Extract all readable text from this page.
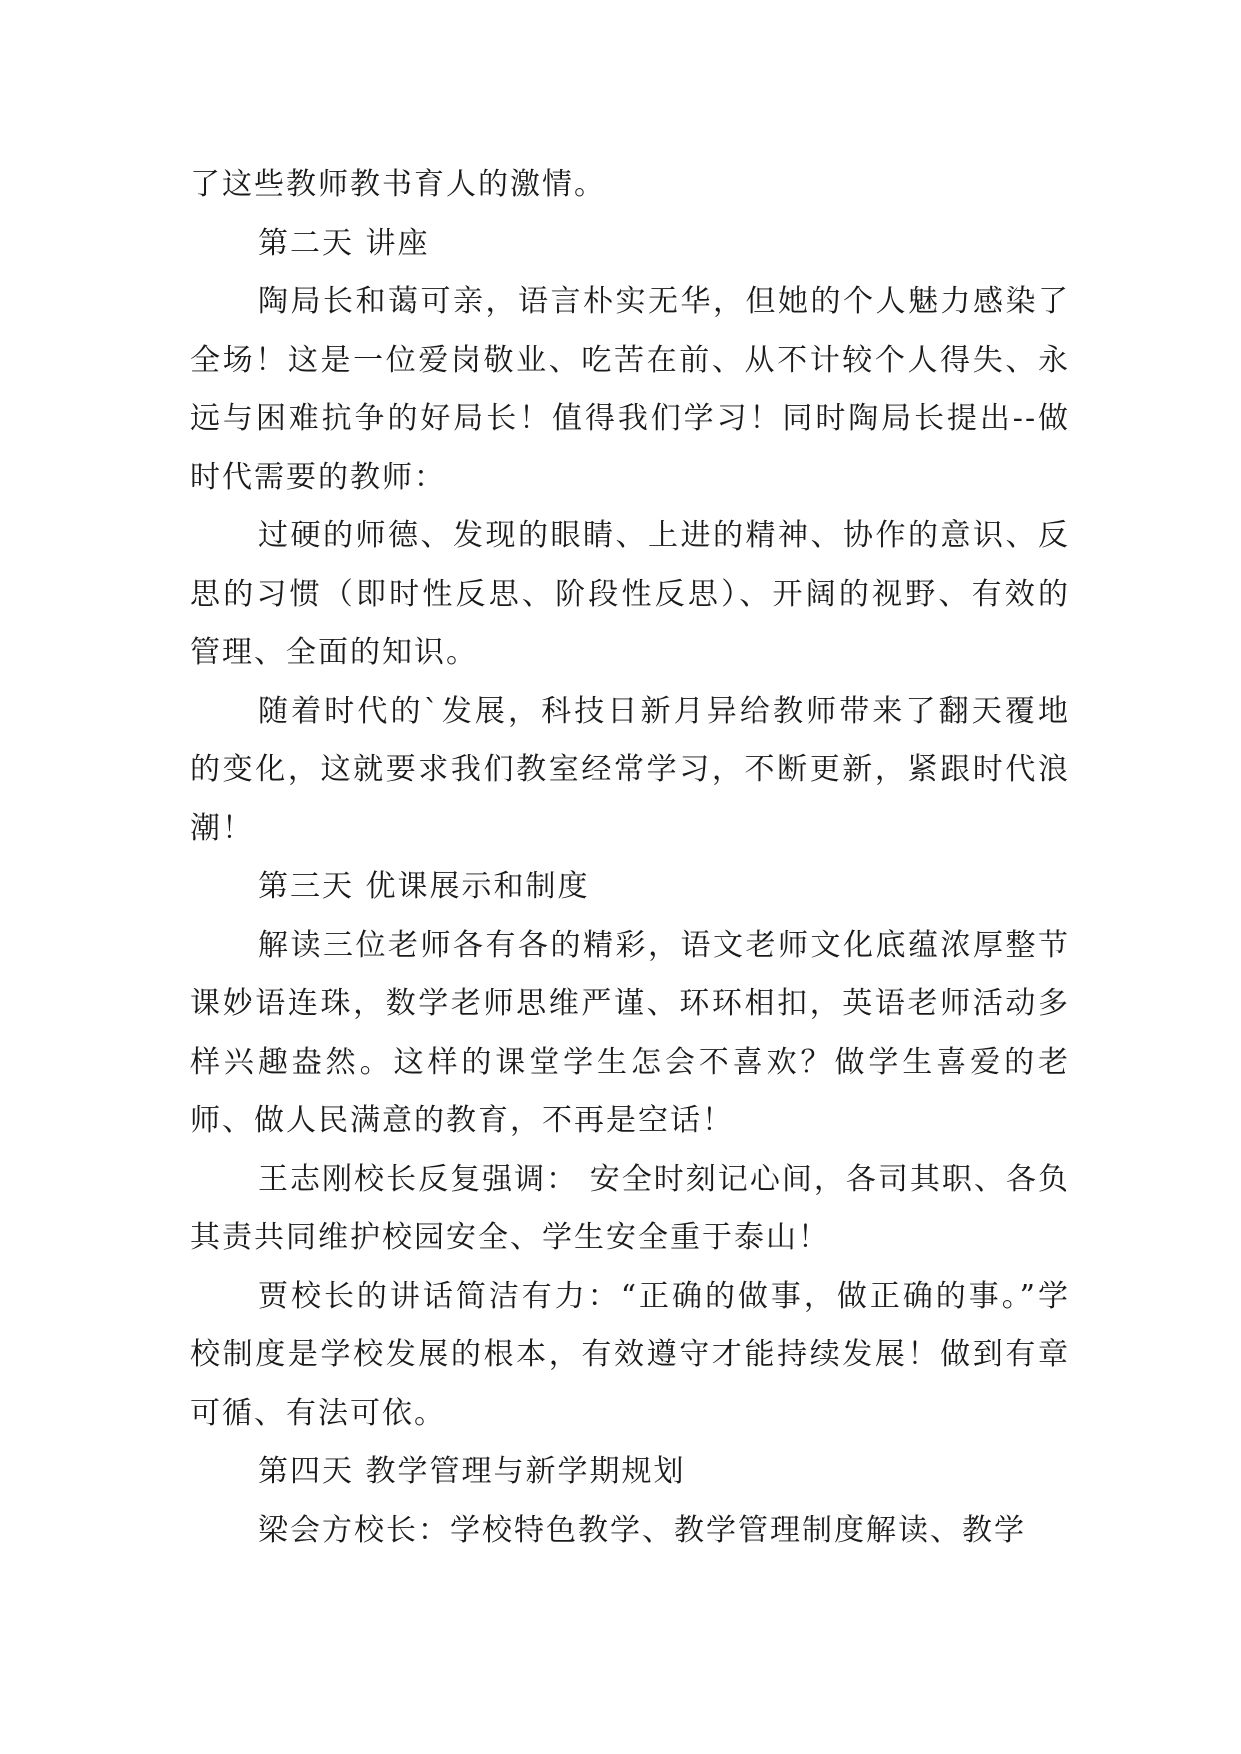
了这些教师教书育人的激情。

第二天 讲座

陶局长和蔼可亲，语言朴实无华，但她的个人魅力感染了全场！这是一位爱岗敬业、吃苦在前、从不计较个人得失、永远与困难抗争的好局长！值得我们学习！同时陶局长提出--做时代需要的教师：

过硬的师德、发现的眼睛、上进的精神、协作的意识、反思的习惯（即时性反思、阶段性反思）、开阔的视野、有效的管理、全面的知识。

随着时代的`发展，科技日新月异给教师带来了翻天覆地的变化，这就要求我们教室经常学习，不断更新，紧跟时代浪潮！

第三天 优课展示和制度

解读三位老师各有各的精彩，语文老师文化底蕴浓厚整节课妙语连珠，数学老师思维严谨、环环相扣，英语老师活动多样兴趣盎然。这样的课堂学生怎会不喜欢？做学生喜爱的老师、做人民满意的教育，不再是空话！

王志刚校长反复强调： 安全时刻记心间，各司其职、各负其责共同维护校园安全、学生安全重于泰山！

贾校长的讲话简洁有力：“正确的做事，做正确的事。”学校制度是学校发展的根本，有效遵守才能持续发展！做到有章可循、有法可依。

第四天 教学管理与新学期规划

梁会方校长：学校特色教学、教学管理制度解读、教学
